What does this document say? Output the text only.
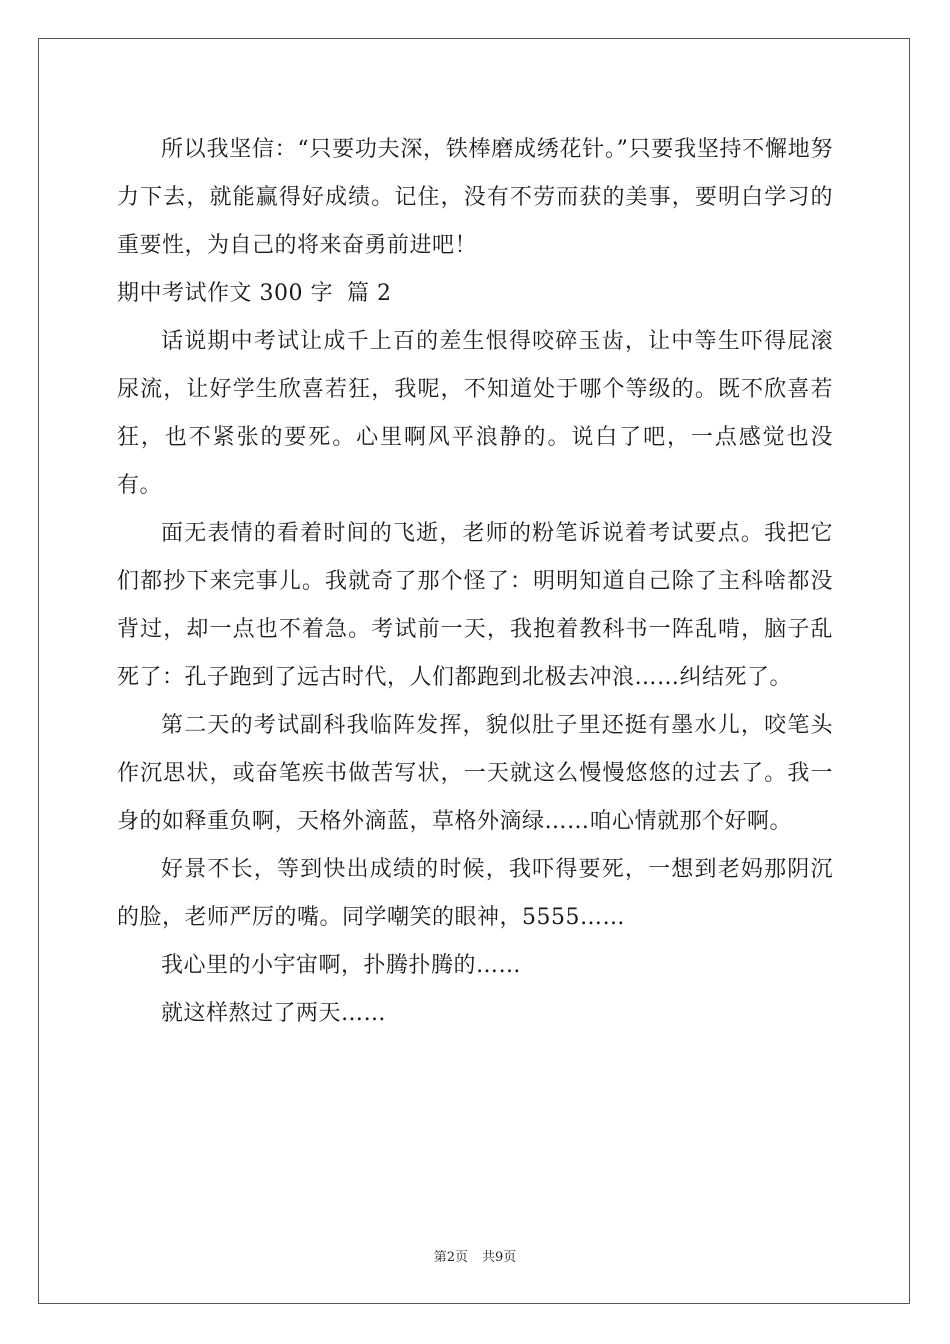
所以我坚信：“只要功夫深，铁棒磨成绣花针。”只要我坚持不懈地努力下去，就能赢得好成绩。记住，没有不劳而获的美事，要明白学习的重要性，为自己的将来奋勇前进吧！

期中考试作文 300 字 篇 2

话说期中考试让成千上百的差生恨得咬碎玉齿，让中等生吓得屁滚尿流，让好学生欣喜若狂，我呢，不知道处于哪个等级的。既不欣喜若狂，也不紧张的要死。心里啊风平浪静的。说白了吧，一点感觉也没有。

面无表情的看着时间的飞逝，老师的粉笔诉说着考试要点。我把它们都抄下来完事儿。我就奇了那个怪了：明明知道自己除了主科啥都没背过，却一点也不着急。考试前一天，我抱着教科书一阵乱啃，脑子乱死了：孔子跑到了远古时代，人们都跑到北极去冲浪……纠结死了。

第二天的考试副科我临阵发挥，貌似肚子里还挺有墨水儿，咬笔头作沉思状，或奋笔疾书做苦写状，一天就这么慢慢悠悠的过去了。我一身的如释重负啊，天格外滴蓝，草格外滴绿……咱心情就那个好啊。

好景不长，等到快出成绩的时候，我吓得要死，一想到老妈那阴沉的脸，老师严厉的嘴。同学嘲笑的眼神，5555……

我心里的小宇宙啊，扑腾扑腾的……

就这样熬过了两天……

第2页 共9页
